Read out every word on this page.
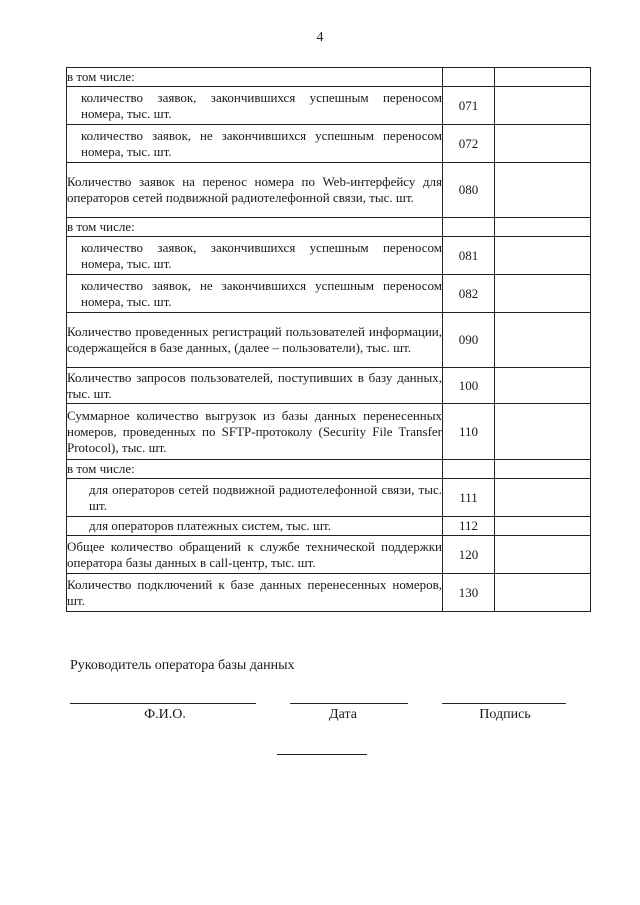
4
в том числе:		
количество заявок, закончившихся успешным переносом номера, тыс. шт.	071	
количество заявок, не закончившихся успешным переносом номера, тыс. шт.	072	
Количество заявок на перенос номера по Web-интерфейсу для операторов сетей подвижной радиотелефонной связи, тыс. шт.	080	
в том числе:		
количество заявок, закончившихся успешным переносом номера, тыс. шт.	081	
количество заявок, не закончившихся успешным переносом номера, тыс. шт.	082	
Количество проведенных регистраций пользователей информации, содержащейся в базе данных, (далее – пользователи), тыс. шт.	090	
Количество запросов пользователей, поступивших в базу данных, тыс. шт.	100	
Суммарное количество выгрузок из базы данных перенесенных номеров, проведенных по SFTP-протоколу (Security File Transfer Protocol), тыс. шт.	110	
в том числе:		
для операторов сетей подвижной радиотелефонной связи, тыс. шт.	111	
для операторов платежных систем, тыс. шт.	112	
Общее количество обращений к службе технической поддержки оператора базы данных в call-центр, тыс. шт.	120	
Количество подключений к базе данных перенесенных номеров, шт.	130	
Руководитель оператора базы данных
Ф.И.О.	Дата	Подпись
